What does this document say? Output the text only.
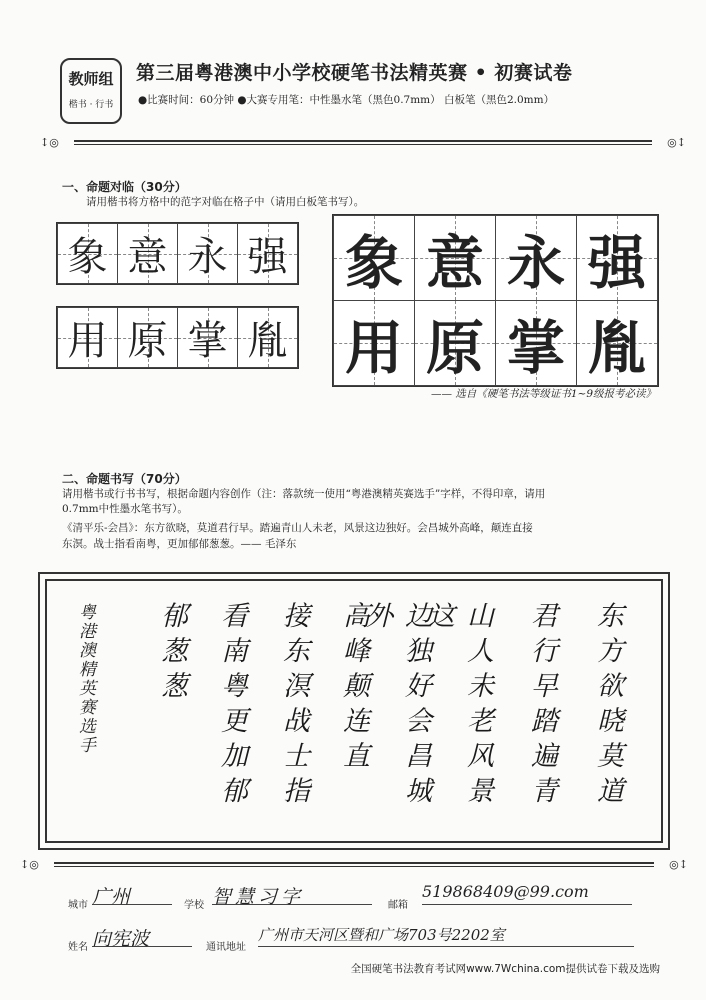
教师组
楷书 · 行书
第三届粤港澳中小学校硬笔书法精英赛 • 初赛试卷
●比赛时间：60分钟 ●大赛专用笔：中性墨水笔（黑色0.7mm） 白板笔（黑色2.0mm）
↕◎	◎↕
一、命题对临（30分）
请用楷书将方格中的范字对临在格子中（请用白板笔书写）。
象	意	永	强
用	原	掌	胤
象	意	永	强
用	原	掌	胤
—— 选自《硬笔书法等级证书1~9级报考必读》
二、命题书写（70分）
请用楷书或行书书写，根据命题内容创作（注：落款统一使用“粤港澳精英赛选手”字样，不得印章，请用
0.7mm中性墨水笔书写）。
《清平乐-会昌》：东方欲晓，莫道君行早。踏遍青山人未老，风景这边独好。会昌城外高峰，颠连直接
东溟。战士指看南粤，更加郁郁葱葱。—— 毛泽东
东方欲晓莫道
君行早踏遍青
山人未老风景这
边独好会昌城外
高峰颠连直
接东溟战士指
看南粤更加郁
郁葱葱
粤港澳精英赛选手
↕◎	◎↕
城市 广州	学校 智慧习字	邮箱
519868409@99.com
姓名 向宪波	通讯地址
广州市天河区暨和广场703号2202室
全国硬笔书法教育考试网www.7Wchina.com提供试卷下载及选购
